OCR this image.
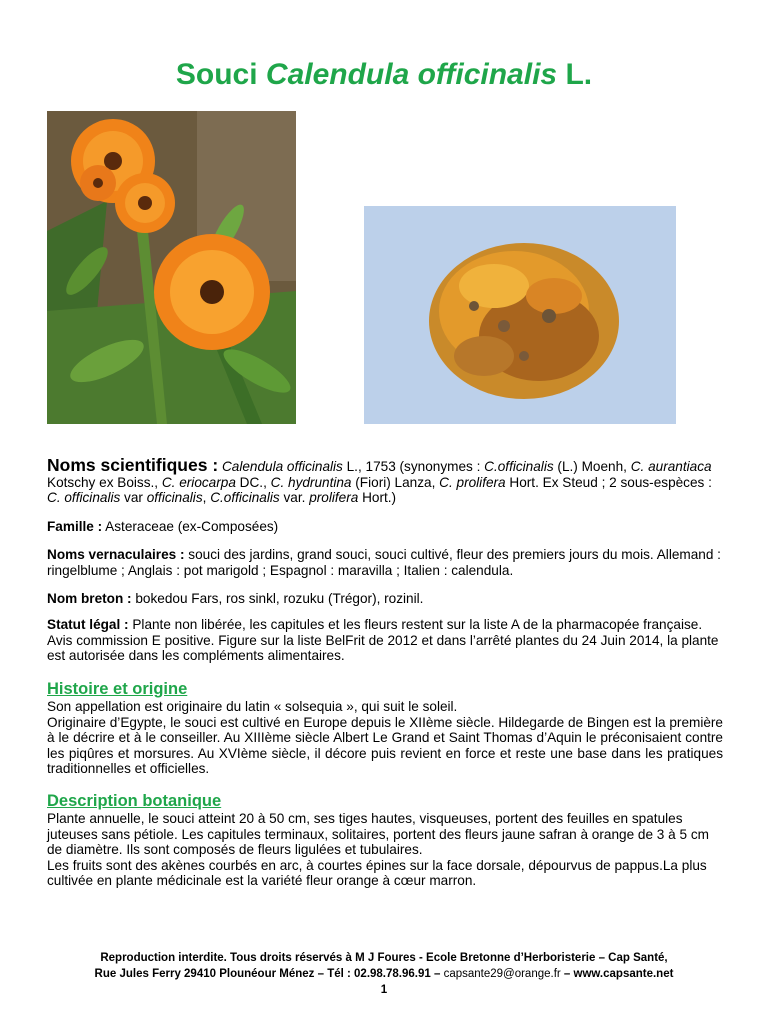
Souci Calendula officinalis L.

Noms scientifiques : Calendula officinalis L., 1753 (synonymes : C.officinalis (L.) Moenh, C. aurantiaca Kotschy ex Boiss., C. eriocarpa DC., C. hydruntina (Fiori) Lanza, C. prolifera Hort. Ex Steud ; 2 sous-espèces : C. officinalis var officinalis, C.officinalis var. prolifera Hort.)

Famille : Asteraceae (ex-Composées)

Noms vernaculaires : souci des jardins, grand souci, souci cultivé, fleur des premiers jours du mois. Allemand : ringelblume ; Anglais : pot marigold ; Espagnol : maravilla ; Italien : calendula.

Nom breton : bokedou Fars, ros sinkl, rozuku (Trégor), rozinil.

Statut légal : Plante non libérée, les capitules et les fleurs restent sur la liste A de la pharmacopée française. Avis commission E positive. Figure sur la liste BelFrit de 2012 et dans l’arrêté plantes du 24 Juin 2014, la plante est autorisée dans les compléments alimentaires.

Histoire et origine

Son appellation est originaire du latin « solsequia », qui suit le soleil.

Originaire d’Egypte, le souci est cultivé en Europe depuis le XIIème siècle. Hildegarde de Bingen est la première à le décrire et à le conseiller. Au XIIIème siècle Albert Le Grand et Saint Thomas d’Aquin le préconisaient contre les piqûres et morsures. Au XVIème siècle, il décore puis revient en force et reste une base dans les pratiques traditionnelles et officielles.

Description botanique

Plante annuelle, le souci atteint 20 à 50 cm, ses tiges hautes, visqueuses, portent des feuilles en spatules juteuses sans pétiole. Les capitules terminaux, solitaires, portent des fleurs jaune safran à orange de 3 à 5 cm de diamètre. Ils sont composés de fleurs ligulées et tubulaires.

Les fruits sont des akènes courbés en arc, à courtes épines sur la face dorsale, dépourvus de pappus.La plus cultivée en plante médicinale est la variété fleur orange à cœur marron.

Reproduction interdite. Tous droits réservés à M J Foures - Ecole Bretonne d’Herboristerie – Cap Santé,
Rue Jules Ferry 29410 Plounéour Ménez – Tél : 02.98.78.96.91 – capsante29@orange.fr – www.capsante.net
1
